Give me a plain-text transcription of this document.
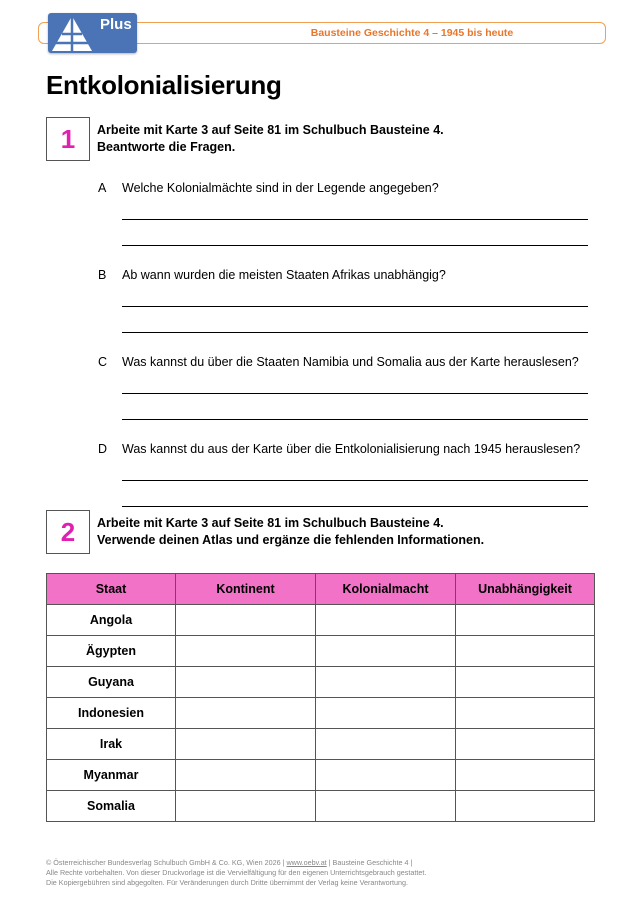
Bausteine Geschichte 4 – 1945 bis heute
Plus
Entkolonialisierung
1	Arbeite mit Karte 3 auf Seite 81 im Schulbuch Bausteine 4.
Beantworte die Fragen.
A Welche Kolonialmächte sind in der Legende angegeben?
B Ab wann wurden die meisten Staaten Afrikas unabhängig?
C Was kannst du über die Staaten Namibia und Somalia aus der Karte herauslesen?
D Was kannst du aus der Karte über die Entkolonialisierung nach 1945 herauslesen?
2	Arbeite mit Karte 3 auf Seite 81 im Schulbuch Bausteine 4.
Verwende deinen Atlas und ergänze die fehlenden Informationen.
Staat	Kontinent	Kolonialmacht	Unabhängigkeit
Angola			
Ägypten			
Guyana			
Indonesien			
Irak			
Myanmar			
Somalia			
© Österreichischer Bundesverlag Schulbuch GmbH & Co. KG, Wien 2026 | www.oebv.at | Bausteine Geschichte 4 |
Alle Rechte vorbehalten. Von dieser Druckvorlage ist die Vervielfältigung für den eigenen Unterrichtsgebrauch gestattet.
Die Kopiergebühren sind abgegolten. Für Veränderungen durch Dritte übernimmt der Verlag keine Verantwortung.
